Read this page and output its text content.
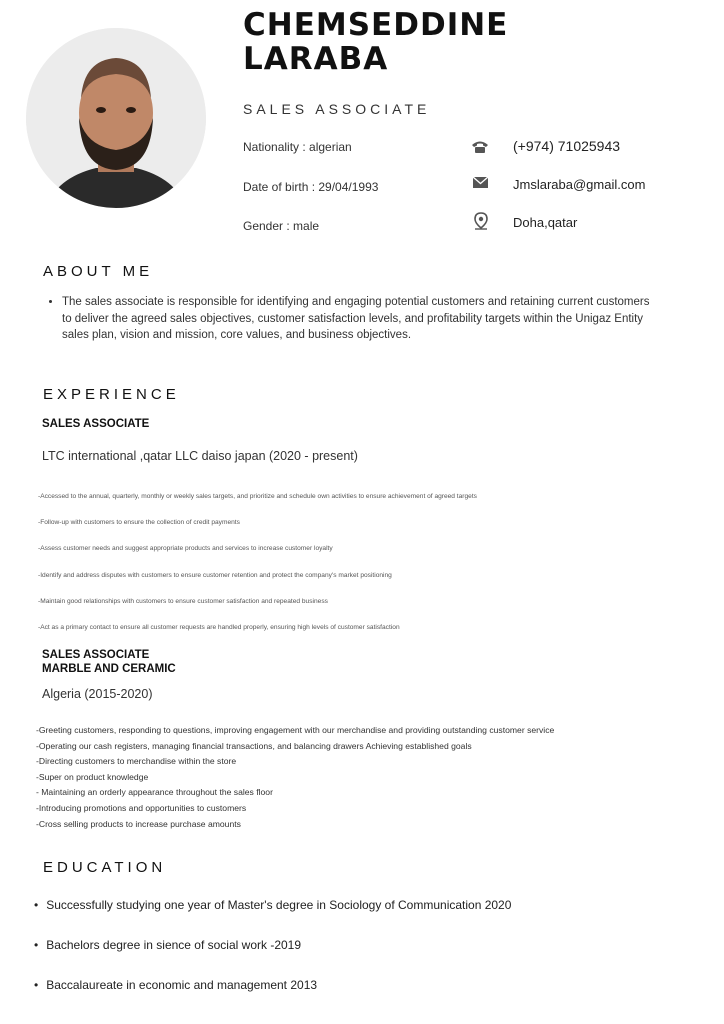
CHEMSEDDINE
LARABA
SALES ASSOCIATE
Nationality : algerian
Date of birth : 29/04/1993
Gender : male
(+974) 71025943
Jmslaraba@gmail.com
Doha,qatar
ABOUT ME
• The sales associate is responsible for identifying and engaging potential customers and retaining current customers to deliver the agreed sales objectives, customer satisfaction levels, and profitability targets within the Unigaz Entity sales plan, vision and mission, core values, and business objectives.
EXPERIENCE
SALES ASSOCIATE
LTC international ,qatar LLC daiso japan (2020 - present)
-Accessed to the annual, quarterly, monthly or weekly sales targets, and prioritize and schedule own activities to ensure achievement of agreed targets
-Follow-up with customers to ensure the collection of credit payments
-Assess customer needs and suggest appropriate products and services to increase customer loyalty
-Identify and address disputes with customers to ensure customer retention and protect the company's market positioning
-Maintain good relationships with customers to ensure customer satisfaction and repeated business
-Act as a primary contact to ensure all customer requests are handled properly, ensuring high levels of customer satisfaction
SALES ASSOCIATE
MARBLE AND CERAMIC
Algeria (2015-2020)
-Greeting customers, responding to questions, improving engagement with our merchandise and providing outstanding customer service
-Operating our cash registers, managing financial transactions, and balancing drawers Achieving established goals
-Directing customers to merchandise within the store
-Super on product knowledge
- Maintaining an orderly appearance throughout the sales floor
-Introducing promotions and opportunities to customers
-Cross selling products to increase purchase amounts
EDUCATION
• Successfully studying one year of Master's degree in Sociology of Communication 2020
• Bachelors degree in sience of social work -2019
• Baccalaureate in economic and management 2013
